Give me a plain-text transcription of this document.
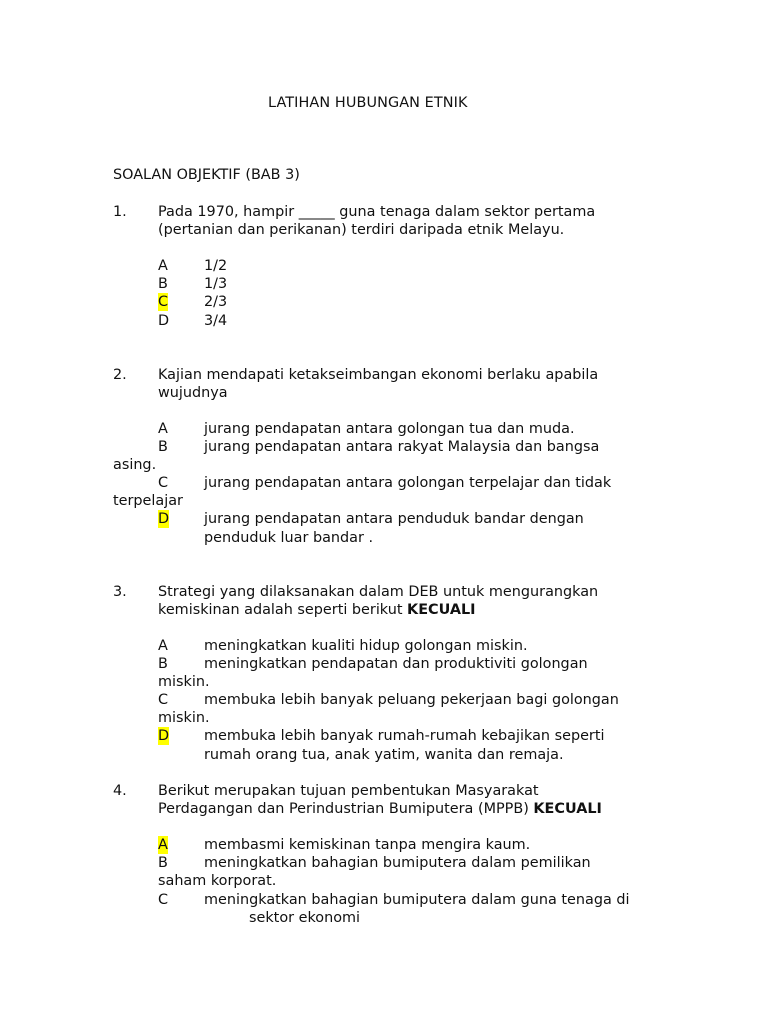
LATIHAN HUBUNGAN ETNIK
SOALAN OBJEKTIF (BAB 3)
1. Pada 1970, hampir _____ guna tenaga dalam sektor pertama
(pertanian dan perikanan) terdiri daripada etnik Melayu.
A	1/2
B	1/3
C 2/3
D 3/4
2. Kajian mendapati ketakseimbangan ekonomi berlaku apabila
wujudnya
A	jurang pendapatan antara golongan tua dan muda.
B	jurang pendapatan antara rakyat Malaysia dan bangsa
asing.
C jurang pendapatan antara golongan terpelajar dan tidak
terpelajar
D jurang pendapatan antara penduduk bandar dengan
penduduk luar bandar .
3. Strategi yang dilaksanakan dalam DEB untuk mengurangkan
kemiskinan adalah seperti berikut KECUALI
A	meningkatkan kualiti hidup golongan miskin.
B	meningkatkan pendapatan dan produktiviti golongan
miskin.
C membuka lebih banyak peluang pekerjaan bagi golongan
miskin.
D membuka lebih banyak rumah-rumah kebajikan seperti
rumah orang tua, anak yatim, wanita dan remaja.
4. Berikut merupakan tujuan pembentukan Masyarakat
Perdagangan dan Perindustrian Bumiputera (MPPB) KECUALI
A	membasmi kemiskinan tanpa mengira kaum.
B	meningkatkan bahagian bumiputera dalam pemilikan
saham korporat.
C meningkatkan bahagian bumiputera dalam guna tenaga di
sektor ekonomi
